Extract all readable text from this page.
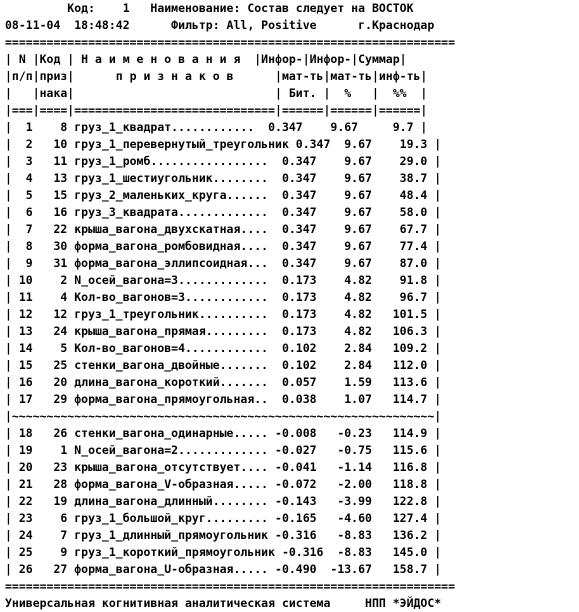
Код:    1   Наименование: Состав следует на ВОСТОК
08-11-04  18:48:42      Фильтр: All, Positive      г.Краснодар
=================================================================
| N |Код | Н а и м е н о в а н и я  |Инфор-|Инфор-|Суммар|
|п/п|приз|      п р и з н а к о в      |мат-ть|мат-ть|инф-ть|
|   |нака|                             | Бит. |  %   |  %%  |
|===|====|=============================|======|======|======|
|  1    8 груз_1_квадрат............  0.347    9.67     9.7 |
|  2   10 груз_1_перевернутый_треугольник 0.347  9.67    19.3 |
|  3   11 груз_1_ромб.................  0.347    9.67    29.0 |
|  4   13 груз_1_шестиугольник........  0.347    9.67    38.7 |
|  5   15 груз_2_маленьких_круга......  0.347    9.67    48.4 |
|  6   16 груз_3_квадрата.............  0.347    9.67    58.0 |
|  7   22 крыша_вагона_двухскатная....  0.347    9.67    67.7 |
|  8   30 форма_вагона_ромбовидная....  0.347    9.67    77.4 |
|  9   31 форма_вагона_эллипсоидная...  0.347    9.67    87.0 |
| 10    2 N_осей_вагона=3.............  0.173    4.82    91.8 |
| 11    4 Кол-во_вагонов=3............  0.173    4.82    96.7 |
| 12   12 груз_1_треугольник..........  0.173    4.82   101.5 |
| 13   24 крыша_вагона_прямая.........  0.173    4.82   106.3 |
| 14    5 Кол-во_вагонов=4............  0.102    2.84   109.2 |
| 15   25 стенки_вагона_двойные.......  0.102    2.84   112.0 |
| 16   20 длина_вагона_короткий.......  0.057    1.59   113.6 |
| 17   29 форма_вагона_прямоугольная..  0.038    1.07   114.7 |
|~~~~~~~~~~~~~~~~~~~~~~~~~~~~~~~~~~~~~~~~~~~~~~~~~~~~~~~~~~~~~|
| 18   26 стенки_вагона_одинарные..... -0.008   -0.23   114.9 |
| 19    1 N_осей_вагона=2............. -0.027   -0.75   115.6 |
| 20   23 крыша_вагона_отсутствует.... -0.041   -1.14   116.8 |
| 21   28 форма_вагона_V-образная..... -0.072   -2.00   118.8 |
| 22   19 длина_вагона_длинный........ -0.143   -3.99   122.8 |
| 23    6 груз_1_большой_круг......... -0.165   -4.60   127.4 |
| 24    7 груз_1_длинный_прямоугольник -0.316   -8.83   136.2 |
| 25    9 груз_1_короткий_прямоугольник -0.316  -8.83   145.0 |
| 26   27 форма_вагона_U-образная..... -0.490  -13.67   158.7 |
=================================================================
Универсальная когнитивная аналитическая система     НПП *ЭЙДОС*
